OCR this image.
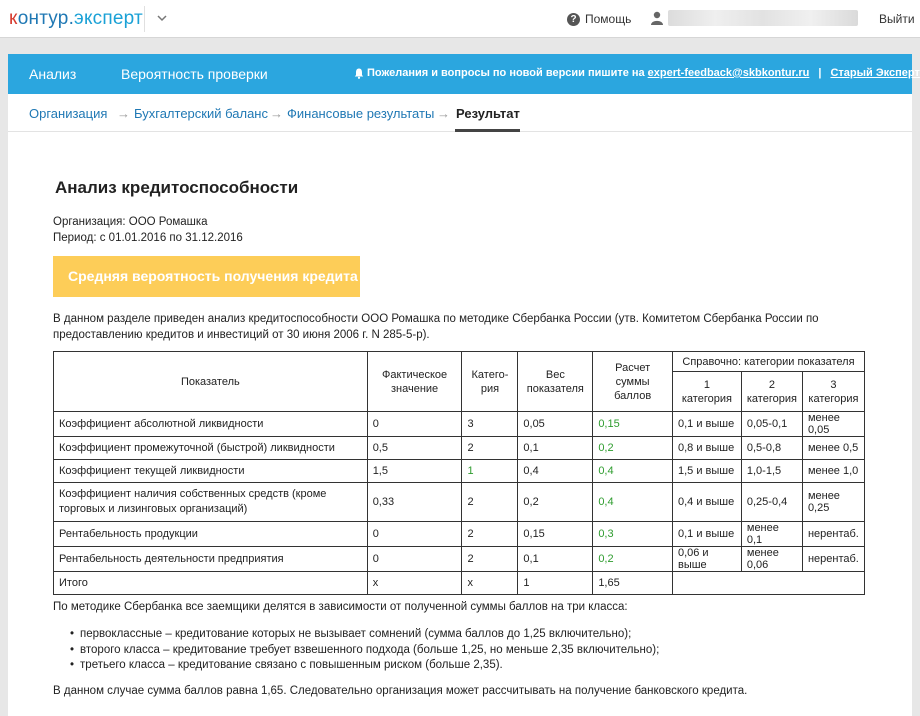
контур.эксперт	? Помощь	Выйти
Анализ	Вероятность проверки	Пожелания и вопросы по новой версии пишите на expert-feedback@skbkontur.ru | Старый Эксперт
Организация → Бухгалтерский баланс → Финансовые результаты → Результат
Анализ кредитоспособности
Организация: ООО Ромашка
Период: с 01.01.2016 по 31.12.2016
Средняя вероятность получения кредита
В данном разделе приведен анализ кредитоспособности ООО Ромашка по методике Сбербанка России (утв. Комитетом Сбербанка России по предоставлению кредитов и инвестиций от 30 июня 2006 г. N 285-5-р).
Показатель	Фактическое значение	Катего-рия	Вес показателя	Расчет суммы баллов	Справочно: категории показателя		
					1 категория	2 категория	3 категория
Коэффициент абсолютной ликвидности	0	3	0,05	0,15	0,1 и выше	0,05-0,1	менее 0,05
Коэффициент промежуточной (быстрой) ликвидности	0,5	2	0,1	0,2	0,8 и выше	0,5-0,8	менее 0,5
Коэффициент текущей ликвидности	1,5	1	0,4	0,4	1,5 и выше	1,0-1,5	менее 1,0
Коэффициент наличия собственных средств (кроме торговых и лизинговых организаций)	0,33	2	0,2	0,4	0,4 и выше	0,25-0,4	менее 0,25
Рентабельность продукции	0	2	0,15	0,3	0,1 и выше	менее 0,1	нерентаб.
Рентабельность деятельности предприятия	0	2	0,1	0,2	0,06 и выше	менее 0,06	нерентаб.
Итого	x	x	1	1,65			
По методике Сбербанка все заемщики делятся в зависимости от полученной суммы баллов на три класса:
• первоклассные – кредитование которых не вызывает сомнений (сумма баллов до 1,25 включительно);
• второго класса – кредитование требует взвешенного подхода (больше 1,25, но меньше 2,35 включительно);
• третьего класса – кредитование связано с повышенным риском (больше 2,35).
В данном случае сумма баллов равна 1,65. Следовательно организация может рассчитывать на получение банковского кредита.
